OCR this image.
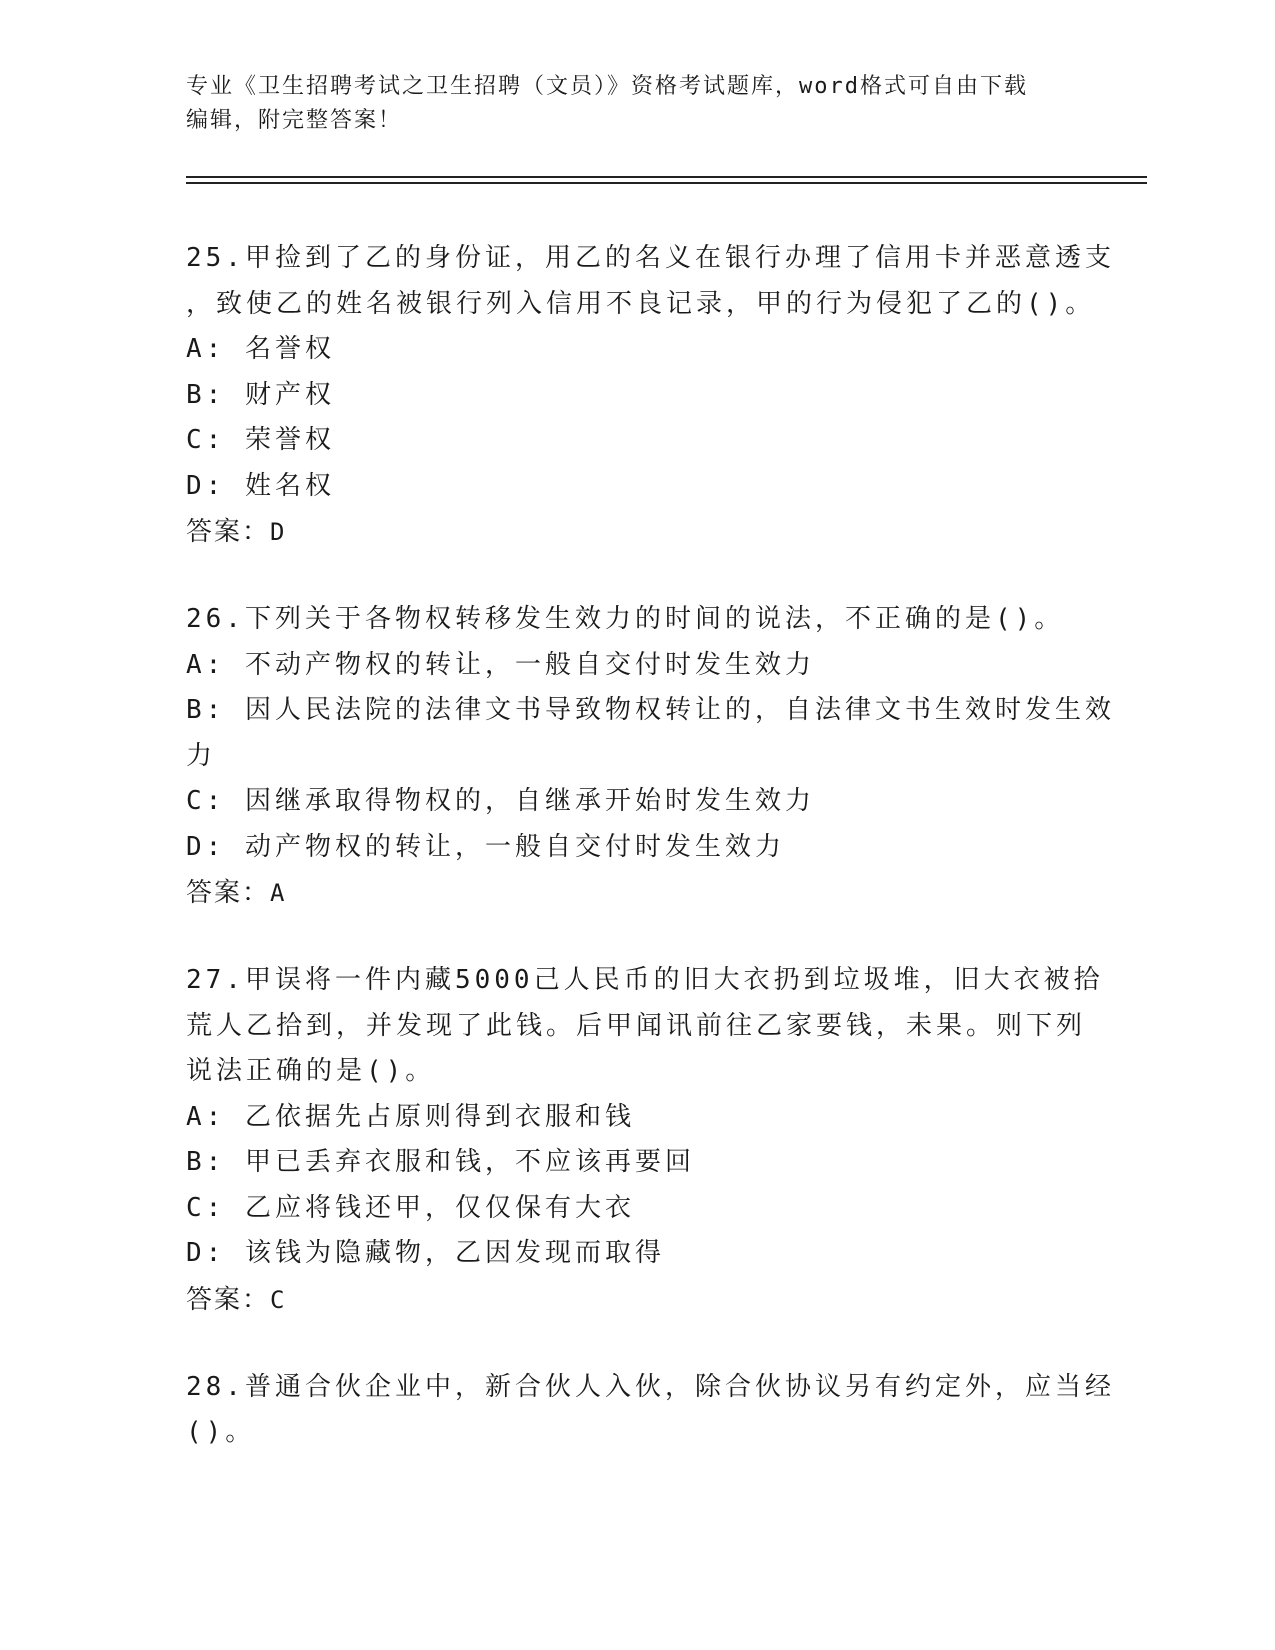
专业《卫生招聘考试之卫生招聘（文员）》资格考试题库，word格式可自由下载
编辑，附完整答案！
25.甲捡到了乙的身份证，用乙的名义在银行办理了信用卡并恶意透支
，致使乙的姓名被银行列入信用不良记录，甲的行为侵犯了乙的()。
A: 名誉权
B: 财产权
C: 荣誉权
D: 姓名权
答案：D
26.下列关于各物权转移发生效力的时间的说法，不正确的是()。
A: 不动产物权的转让，一般自交付时发生效力
B: 因人民法院的法律文书导致物权转让的，自法律文书生效时发生效
力
C: 因继承取得物权的，自继承开始时发生效力
D: 动产物权的转让，一般自交付时发生效力
答案：A
27.甲误将一件内藏5000己人民币的旧大衣扔到垃圾堆，旧大衣被拾
荒人乙拾到，并发现了此钱。后甲闻讯前往乙家要钱，未果。则下列
说法正确的是()。
A: 乙依据先占原则得到衣服和钱
B: 甲已丢弃衣服和钱，不应该再要回
C: 乙应将钱还甲，仅仅保有大衣
D: 该钱为隐藏物，乙因发现而取得
答案：C
28.普通合伙企业中，新合伙人入伙，除合伙协议另有约定外，应当经
()。
